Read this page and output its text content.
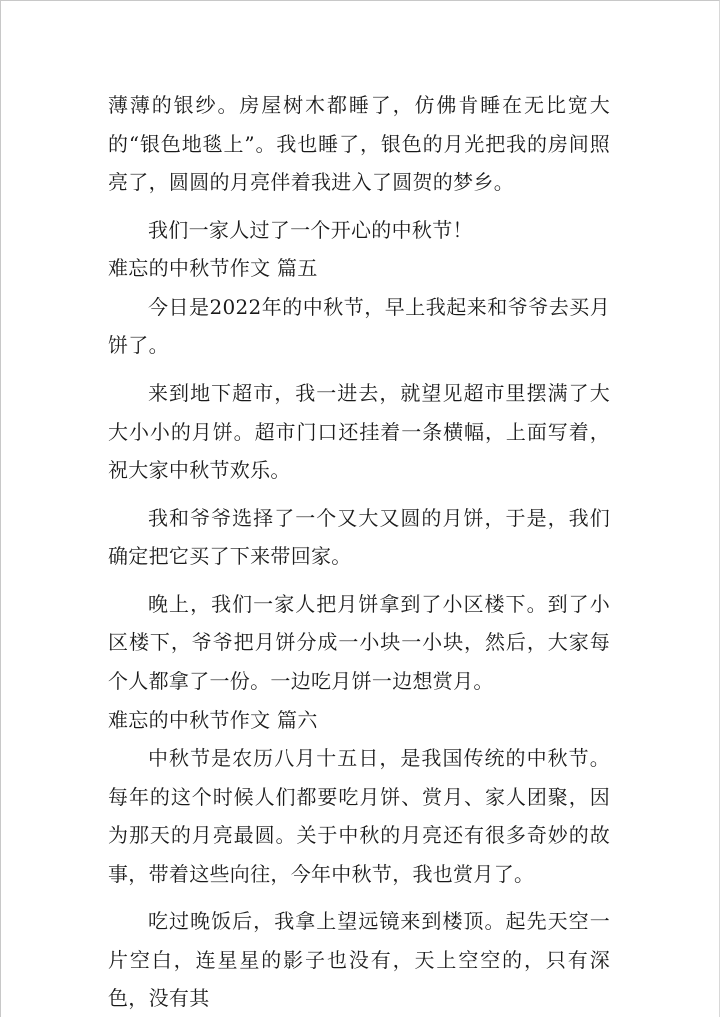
薄薄的银纱。房屋树木都睡了，仿佛肯睡在无比宽大的“银色地毯上”。我也睡了，银色的月光把我的房间照亮了，圆圆的月亮伴着我进入了圆贺的梦乡。

我们一家人过了一个开心的中秋节！

难忘的中秋节作文 篇五

今日是2022年的中秋节，早上我起来和爷爷去买月饼了。

来到地下超市，我一进去，就望见超市里摆满了大大小小的月饼。超市门口还挂着一条横幅，上面写着，祝大家中秋节欢乐。

我和爷爷选择了一个又大又圆的月饼，于是，我们确定把它买了下来带回家。

晚上，我们一家人把月饼拿到了小区楼下。到了小区楼下，爷爷把月饼分成一小块一小块，然后，大家每个人都拿了一份。一边吃月饼一边想赏月。

难忘的中秋节作文 篇六

中秋节是农历八月十五日，是我国传统的中秋节。每年的这个时候人们都要吃月饼、赏月、家人团聚，因为那天的月亮最圆。关于中秋的月亮还有很多奇妙的故事，带着这些向往，今年中秋节，我也赏月了。

吃过晚饭后，我拿上望远镜来到楼顶。起先天空一片空白，连星星的影子也没有，天上空空的，只有深色，没有其
